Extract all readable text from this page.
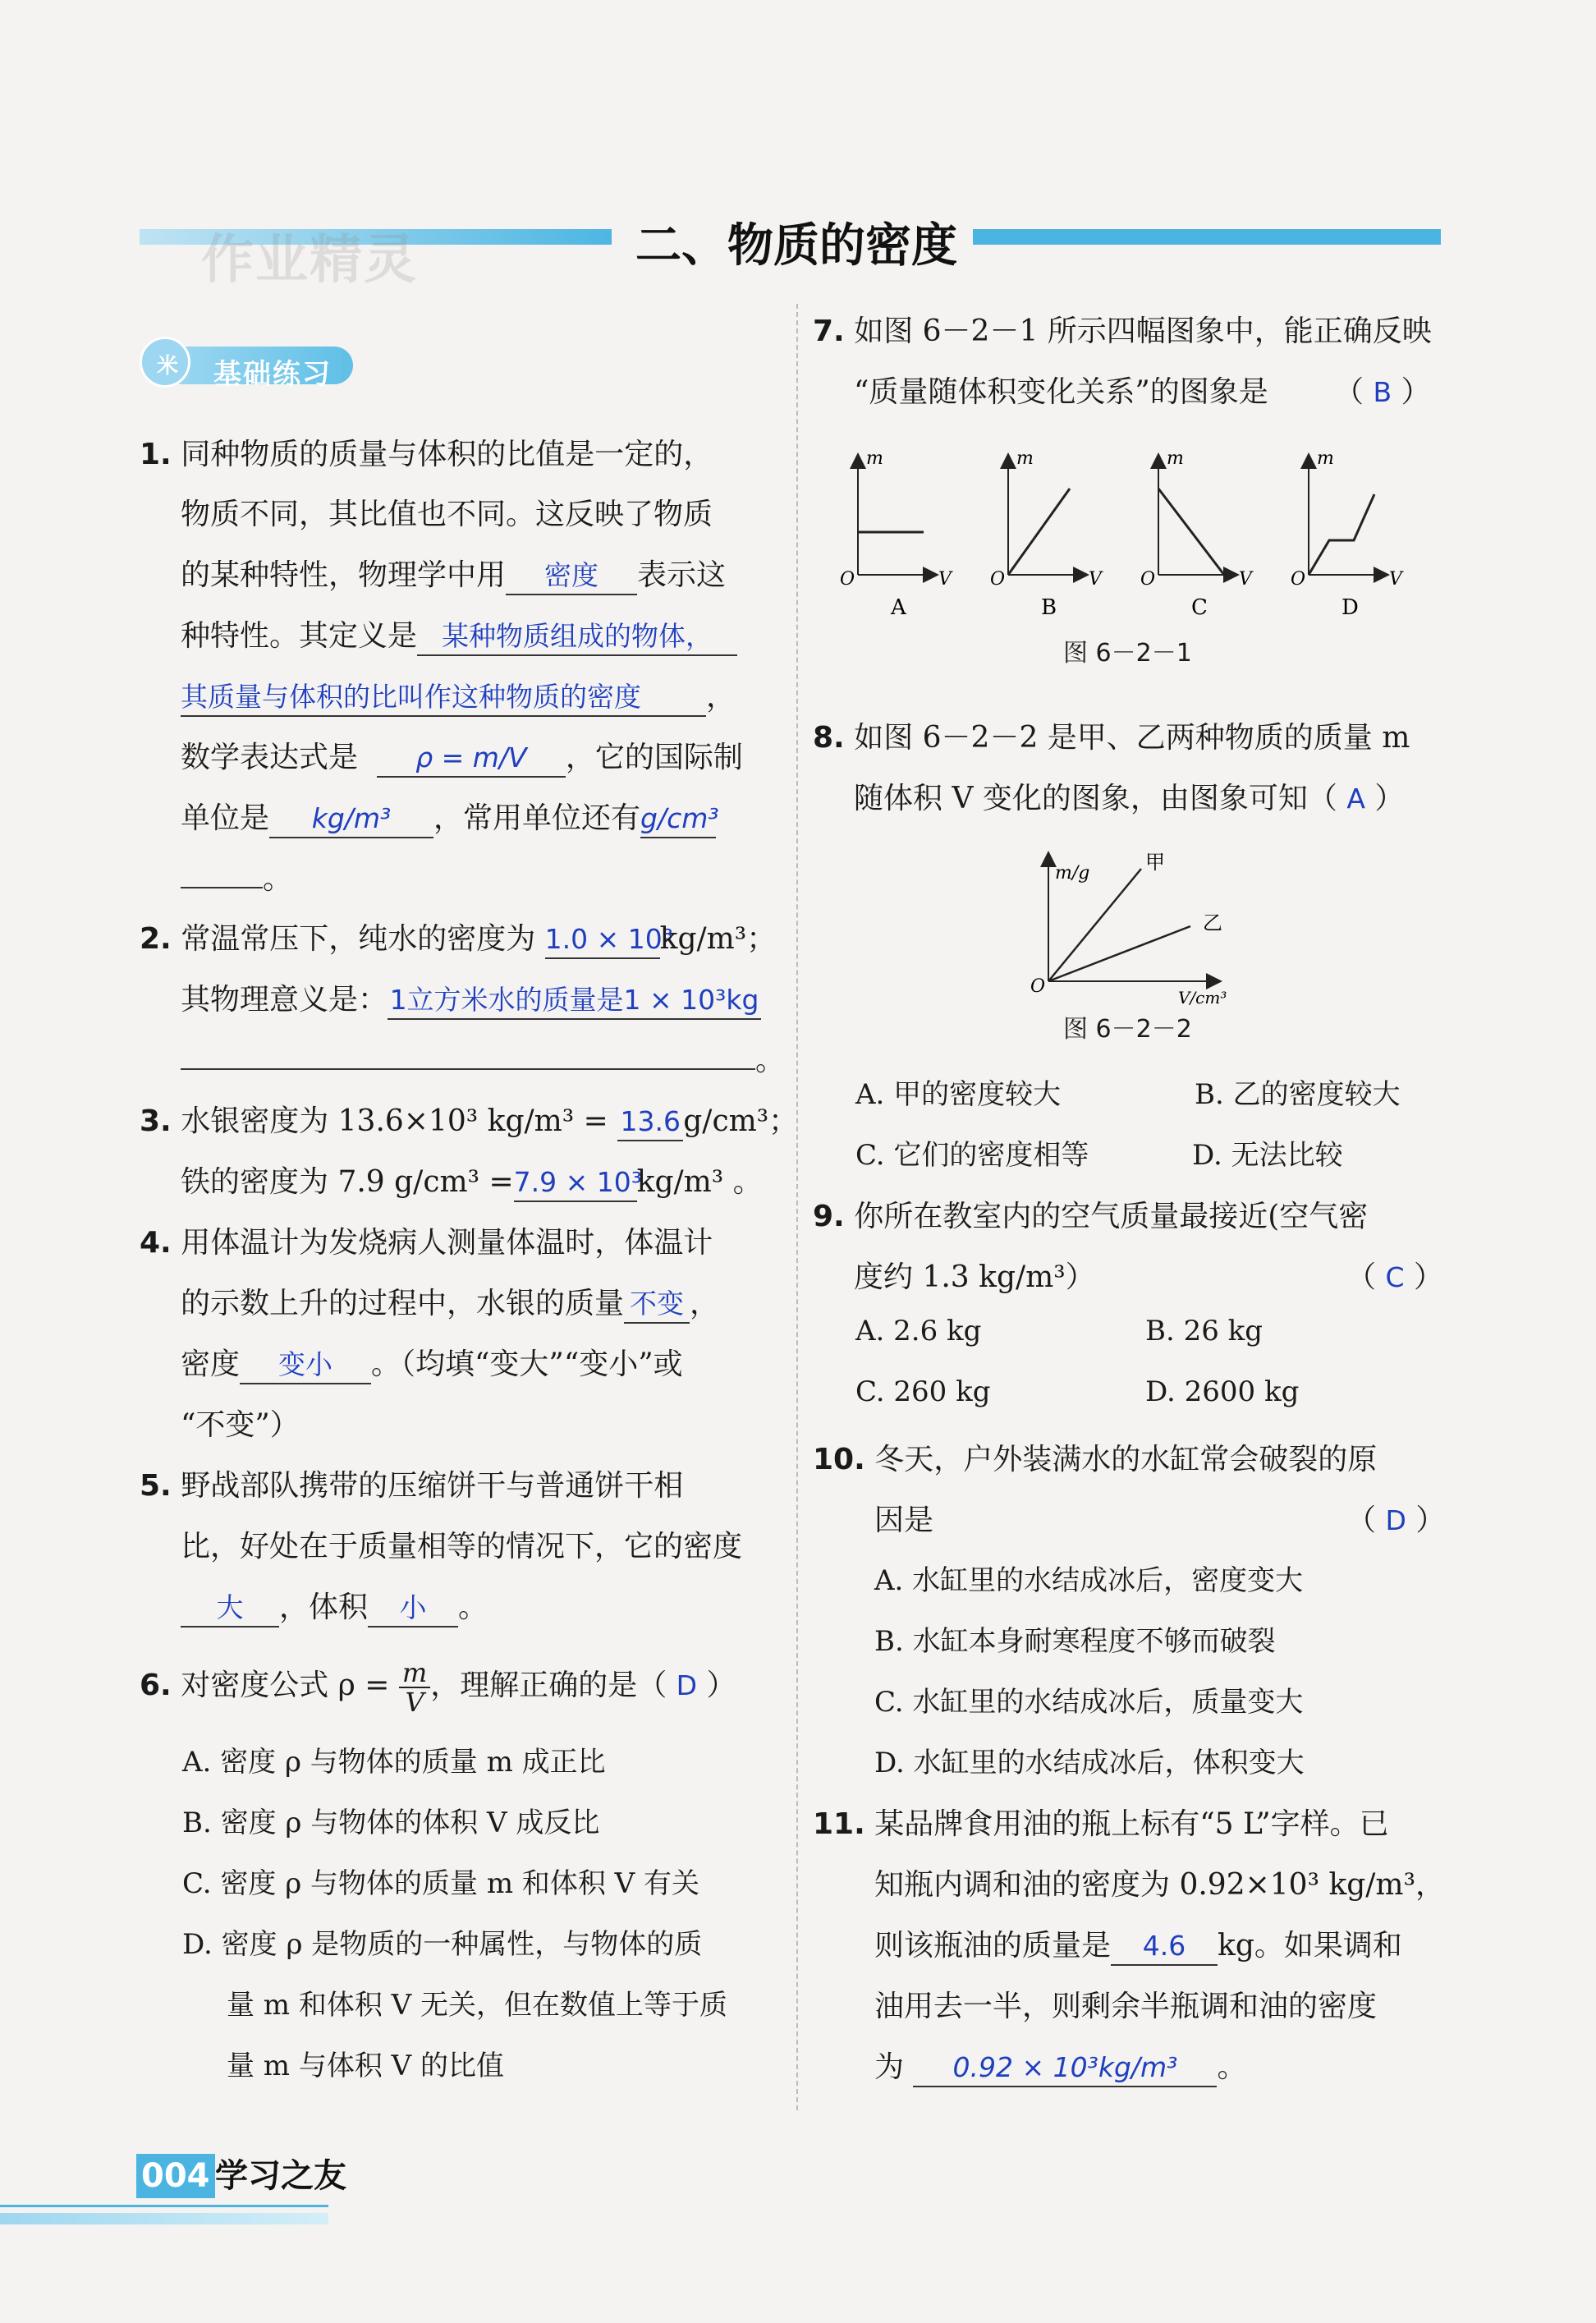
作业精灵	二、物质的密度
米	基础练习
1. 同种物质的质量与体积的比值是一定的，
物质不同，其比值也不同。这反映了物质
的某种特性，物理学中用 密度 表示这
种特性。其定义是 某种物质组成的物体，
其质量与体积的比叫作这种物质的密度 ，
数学表达式是 ρ = m/V ，它的国际制
单位是 kg/m³ ，常用单位还有g/cm³
。
2. 常温常压下，纯水的密度为 1.0 × 10³kg/m³；
其物理意义是：1立方米水的质量是1 × 10³kg
。
3. 水银密度为 13.6×10³ kg/m³ = 13.6g/cm³；
铁的密度为 7.9 g/cm³ =7.9 × 10³kg/m³ 。
4. 用体温计为发烧病人测量体温时，体温计
的示数上升的过程中，水银的质量 不变 ，
密度 变小 。（均填“变大”“变小”或
“不变”）
5. 野战部队携带的压缩饼干与普通饼干相
比，好处在于质量相等的情况下，它的密度
大 ，体积 小 。
6. 对密度公式 $\rho = \frac{m}{V}$ ，理解正确的是（ D ）
A. 密度 ρ 与物体的质量 m 成正比
B. 密度 ρ 与物体的体积 V 成反比
C. 密度 ρ 与物体的质量 m 和体积 V 有关
D. 密度 ρ 是物质的一种属性，与物体的质
量 m 和体积 V 无关，但在数值上等于质
量 m 与体积 V 的比值
7. 如图 6－2－1 所示四幅图象中，能正确反映
“质量随体积变化关系”的图象是 （ B ）
m
O	V
A
m
O	V
B
m
O	V
C
m
O	V
D
图 6－2－1
8. 如图 6－2－2 是甲、乙两种物质的质量 m
随体积 V 变化的图象，由图象可知（ A ）
m/g
O
V/cm³
甲
乙
图 6－2－2
A. 甲的密度较大	B. 乙的密度较大
C. 它们的密度相等	D. 无法比较
9. 你所在教室内的空气质量最接近(空气密
度约 1.3 kg/m³）	（ C ）
A. 2.6 kg	B. 26 kg
C. 260 kg	D. 2600 kg
10. 冬天，户外装满水的水缸常会破裂的原
因是	（ D ）
A. 水缸里的水结成冰后，密度变大
B. 水缸本身耐寒程度不够而破裂
C. 水缸里的水结成冰后，质量变大
D. 水缸里的水结成冰后，体积变大
11. 某品牌食用油的瓶上标有“5 L”字样。已
知瓶内调和油的密度为 0.92×10³ kg/m³，
则该瓶油的质量是 4.6 kg。如果调和
油用去一半，则剩余半瓶调和油的密度
为 0.92 × 10³kg/m³ 。
004 学习之友
